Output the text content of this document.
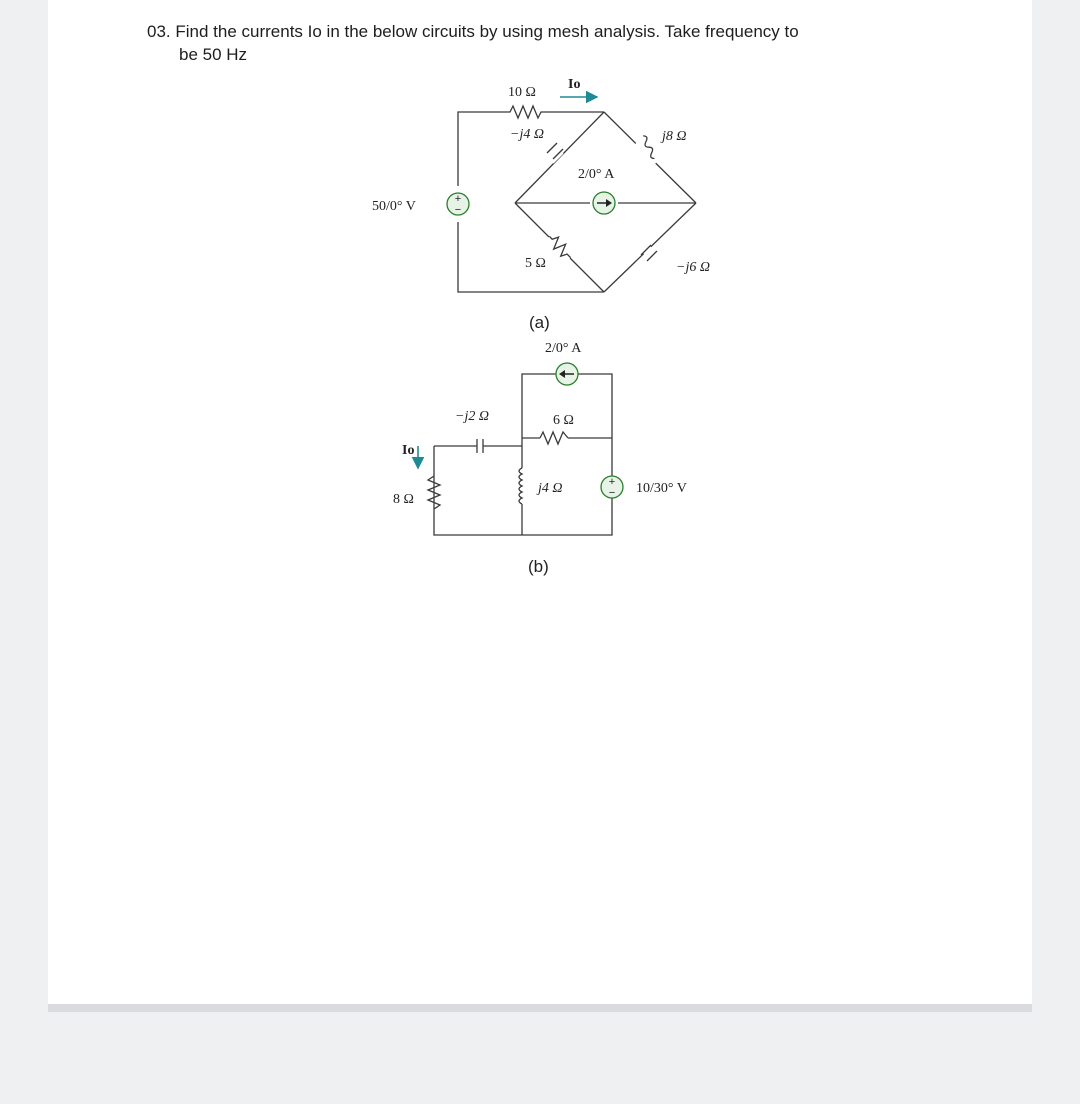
03. Find the currents Io in the below circuits by using mesh analysis. Take frequency to
be 50 Hz
+
−
10 Ω
Io
−j4 Ω
2/0° A
j8 Ω
50/0° V
5 Ω	−j6 Ω
(a)
+
−
2/0° A
−j2 Ω	6 Ω
Io
8 Ω
j4 Ω	10/30° V
(b)
